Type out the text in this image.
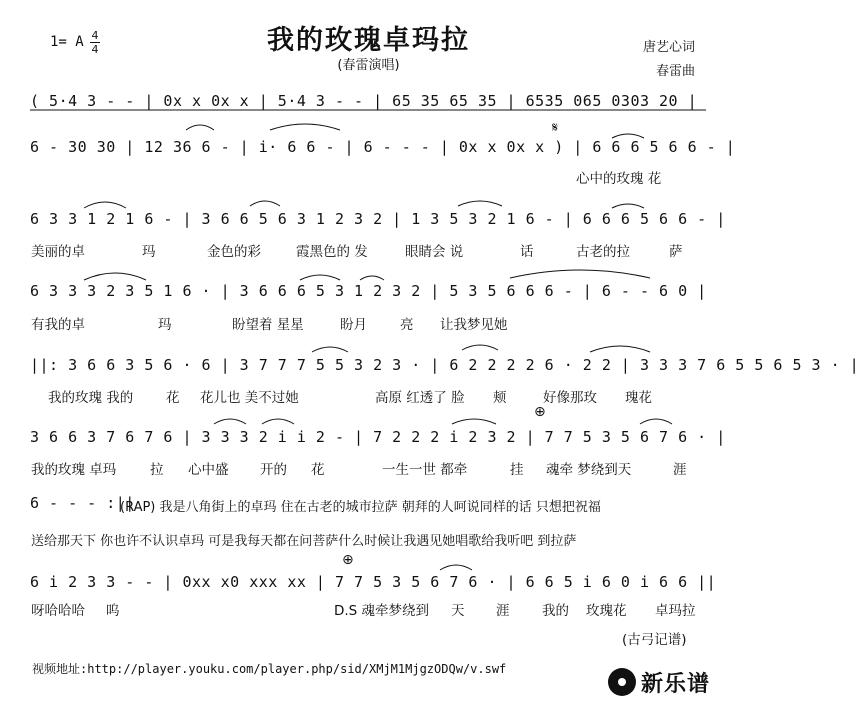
我的玫瑰卓玛拉
(春雷演唱)
1= A 4
4	唐艺心词
春雷曲
( 5·4 3 - - | 0x x 0x x | 5·4 3 - - | 65 35 65 35 | 6535 065 0303 20 |
𝄋
6 - 30 30 | 12 36 6 - | i· 6 6 - | 6 - - - | 0x x 0x x ) | 6 6 6 5 6 6 - |
心中的玫瑰 花
6 3 3 1 2 1 6 - | 3 6 6 5 6 3 1 2 3 2 | 1 3 5 3 2 1 6 - | 6 6 6 5 6 6 - |
美丽的卓	玛	金色的彩	霞黑色的 发	眼睛会 说	话	古老的拉	萨
6 3 3 3 2 3 5 1 6 · | 3 6 6 6 5 3 1 2 3 2 | 5 3 5 6 6 6 - | 6 - - 6 0 |
有我的卓	玛	盼望着 星星	盼月 亮 让我梦见她
||: 3 6 6 3 5 6 · 6 | 3 7 7 7 5 5 3 2 3 · | 6 2 2 2 2 6 · 2 2 | 3 3 3 7 6 5 5 6 5 3 · |
我的玫瑰 我的 花 花儿也 美不过她	高原 红透了 脸 颊	好像那玫 瑰花
⊕
3 6 6 3 7 6 7 6 | 3 3 3 2 i i 2 - | 7 2 2 2 i 2 3 2 | 7 7 5 3 5 6 7 6 · |
我的玫瑰 卓玛 拉 心中盛 开的 花	一生一世 都牵	挂 魂牵 梦绕到天	涯
6 - - - :||
(RAP) 我是八角街上的卓玛 住在古老的城市拉萨 朝拜的人呵说同样的话 只想把祝福
送给那天下 你也许不认识卓玛 可是我每天都在问菩萨什么时候让我遇见她唱歌给我听吧 到拉萨
⊕
6 i 2 3 3 - - | 0xx x0 xxx xx | 7 7 5 3 5 6 7 6 · | 6 6 5 i 6 0 i 6 6 ||
呀哈哈哈 呜	D.S 魂牵梦绕到 天 涯 我的 玫瑰花 卓玛拉
(古弓记谱)
视频地址:http://player.youku.com/player.php/sid/XMjM1MjgzODQw/v.swf
新乐谱
